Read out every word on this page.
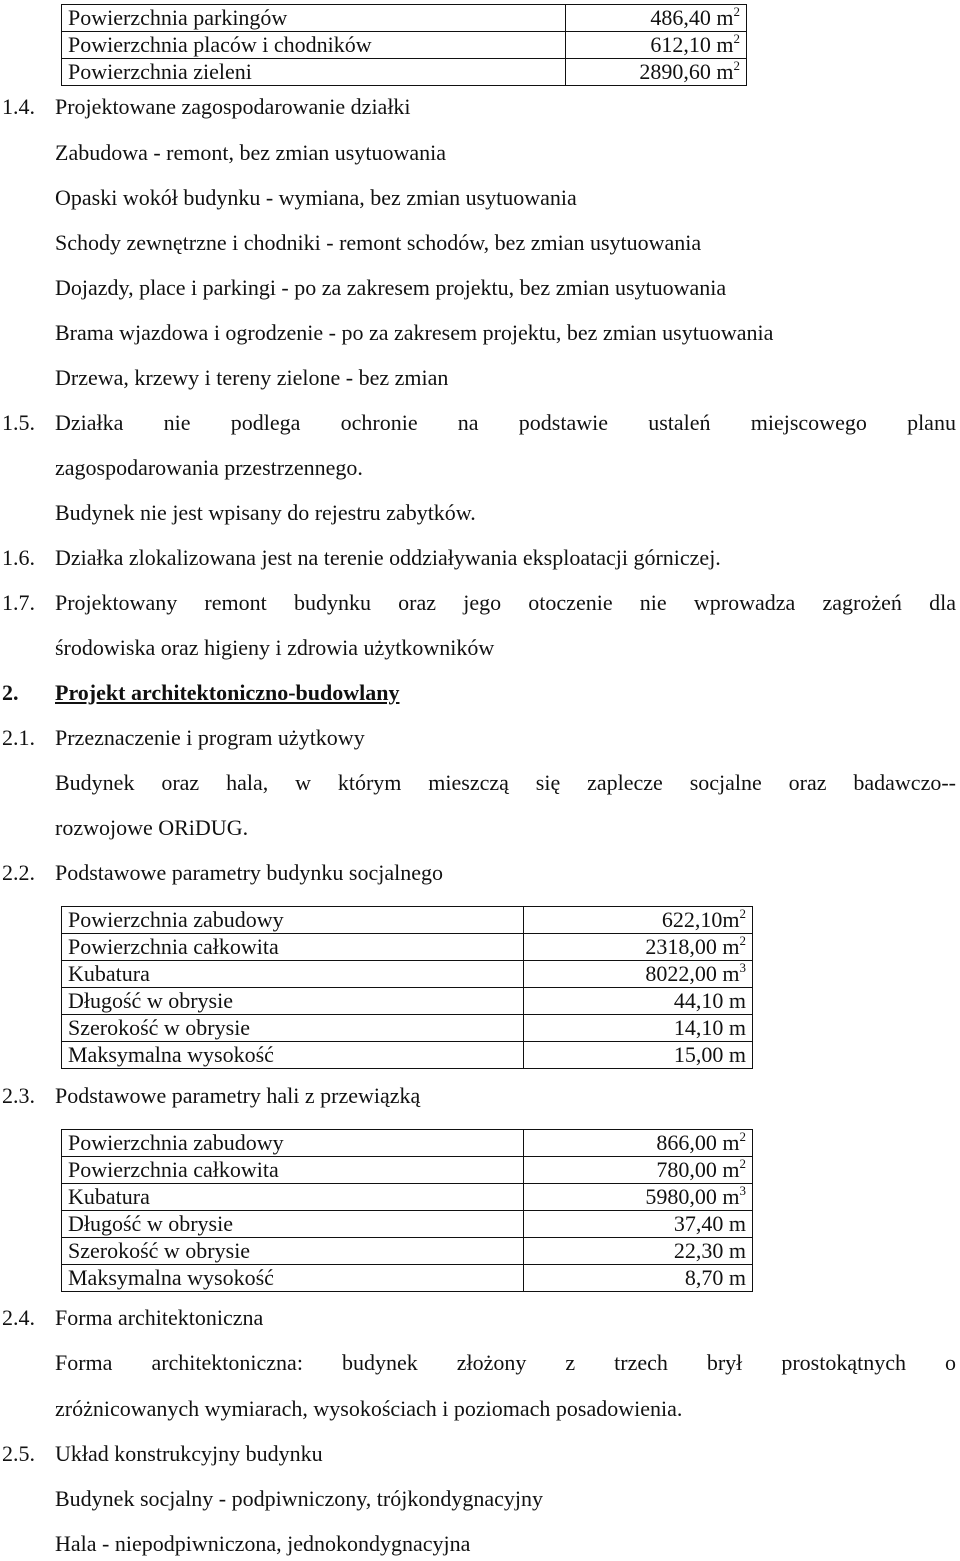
Powierzchnia parkingów	486,40 $m^2$
Powierzchnia placów i chodników	612,10 $m^2$
Powierzchnia zieleni	2890,60 $m^2$
1.4. Projektowane zagospodarowanie działki
Zabudowa - remont, bez zmian usytuowania
Opaski wokół budynku - wymiana, bez zmian usytuowania
Schody zewnętrzne i chodniki - remont schodów, bez zmian usytuowania
Dojazdy, place i parkingi - po za zakresem projektu, bez zmian usytuowania
Brama wjazdowa i ogrodzenie - po za zakresem projektu, bez zmian usytuowania
Drzewa, krzewy i tereny zielone - bez zmian
1.5. Działka nie podlega ochronie na podstawie ustaleń miejscowego planu
zagospodarowania przestrzennego.
Budynek nie jest wpisany do rejestru zabytków.
1.6. Działka zlokalizowana jest na terenie oddziaływania eksploatacji górniczej.
1.7. Projektowany remont budynku oraz jego otoczenie nie wprowadza zagrożeń dla
środowiska oraz higieny i zdrowia użytkowników
2. Projekt architektoniczno-budowlany
2.1. Przeznaczenie i program użytkowy
Budynek oraz hala, w którym mieszczą się zaplecze socjalne oraz badawczo--
rozwojowe ORiDUG.
2.2. Podstawowe parametry budynku socjalnego
Powierzchnia zabudowy	$622,10m^2$
Powierzchnia całkowita	2318,00 $m^2$
Kubatura	8022,00 $m^3$
Długość w obrysie	44,10 m
Szerokość w obrysie	14,10 m
Maksymalna wysokość	15,00 m
2.3. Podstawowe parametry hali z przewiązką
Powierzchnia zabudowy	866,00 $m^2$
Powierzchnia całkowita	780,00 $m^2$
Kubatura	5980,00 $m^3$
Długość w obrysie	37,40 m
Szerokość w obrysie	22,30 m
Maksymalna wysokość	8,70 m
2.4. Forma architektoniczna
Forma architektoniczna: budynek złożony z trzech brył prostokątnych o
zróżnicowanych wymiarach, wysokościach i poziomach posadowienia.
2.5. Układ konstrukcyjny budynku
Budynek socjalny - podpiwniczony, trójkondygnacyjny
Hala - niepodpiwniczona, jednokondygnacyjna
